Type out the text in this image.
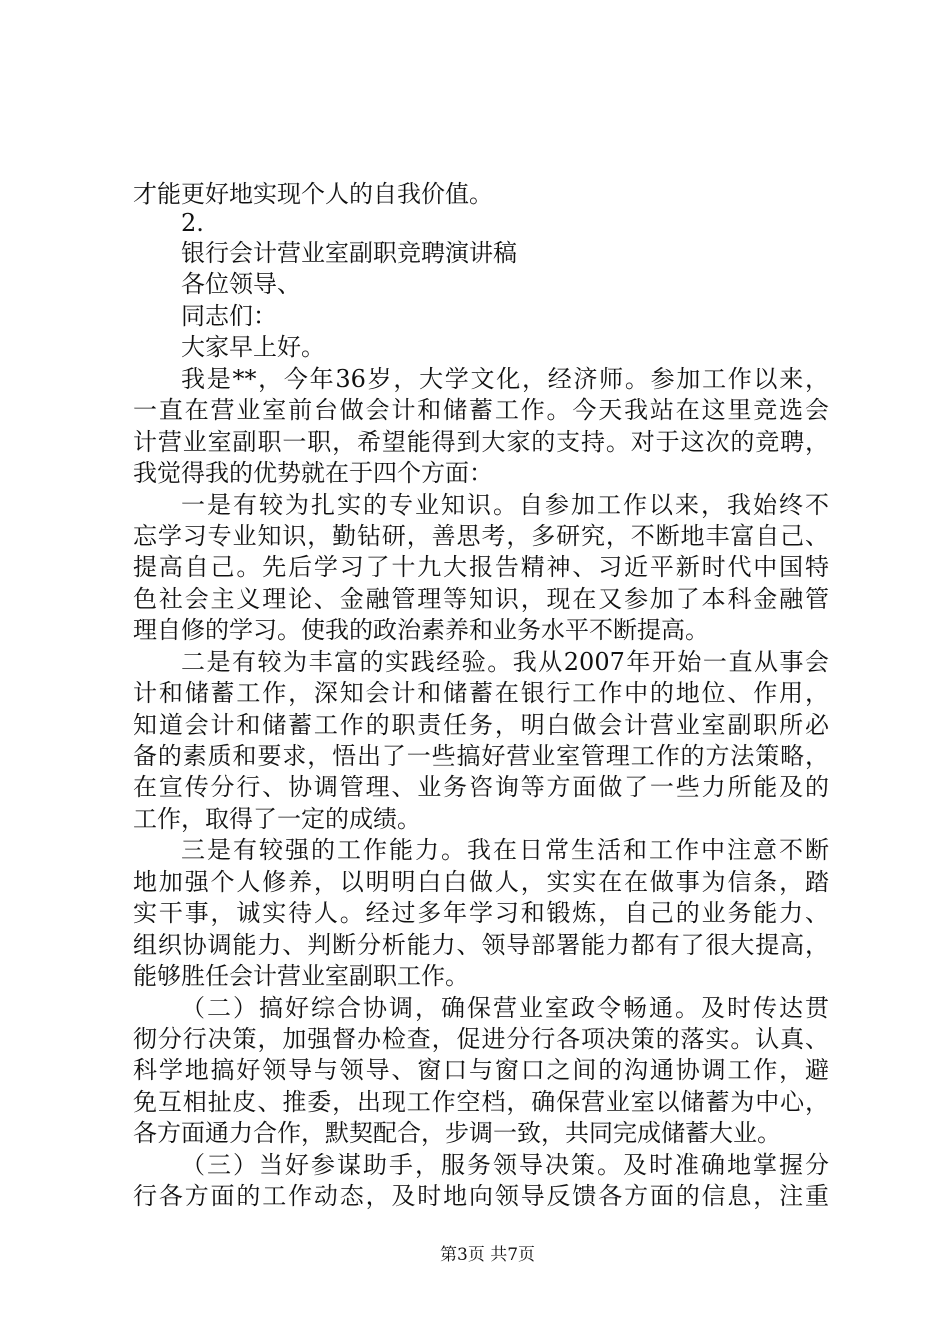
才能更好地实现个人的自我价值。
2.
银行会计营业室副职竞聘演讲稿
各位领导、
同志们：
大家早上好。
我是**，今年36岁，大学文化，经济师。参加工作以来，
一直在营业室前台做会计和储蓄工作。今天我站在这里竞选会
计营业室副职一职，希望能得到大家的支持。对于这次的竞聘，
我觉得我的优势就在于四个方面：
一是有较为扎实的专业知识。自参加工作以来，我始终不
忘学习专业知识，勤钻研，善思考，多研究，不断地丰富自己、
提高自己。先后学习了十九大报告精神、习近平新时代中国特
色社会主义理论、金融管理等知识，现在又参加了本科金融管
理自修的学习。使我的政治素养和业务水平不断提高。
二是有较为丰富的实践经验。我从2007年开始一直从事会
计和储蓄工作，深知会计和储蓄在银行工作中的地位、作用，
知道会计和储蓄工作的职责任务，明白做会计营业室副职所必
备的素质和要求，悟出了一些搞好营业室管理工作的方法策略，
在宣传分行、协调管理、业务咨询等方面做了一些力所能及的
工作，取得了一定的成绩。
三是有较强的工作能力。我在日常生活和工作中注意不断
地加强个人修养，以明明白白做人，实实在在做事为信条，踏
实干事，诚实待人。经过多年学习和锻炼，自己的业务能力、
组织协调能力、判断分析能力、领导部署能力都有了很大提高，
能够胜任会计营业室副职工作。
（二）搞好综合协调，确保营业室政令畅通。及时传达贯
彻分行决策，加强督办检查，促进分行各项决策的落实。认真、
科学地搞好领导与领导、窗口与窗口之间的沟通协调工作，避
免互相扯皮、推委，出现工作空档，确保营业室以储蓄为中心，
各方面通力合作，默契配合，步调一致，共同完成储蓄大业。
（三）当好参谋助手，服务领导决策。及时准确地掌握分
行各方面的工作动态，及时地向领导反馈各方面的信息，注重
第3页 共7页
